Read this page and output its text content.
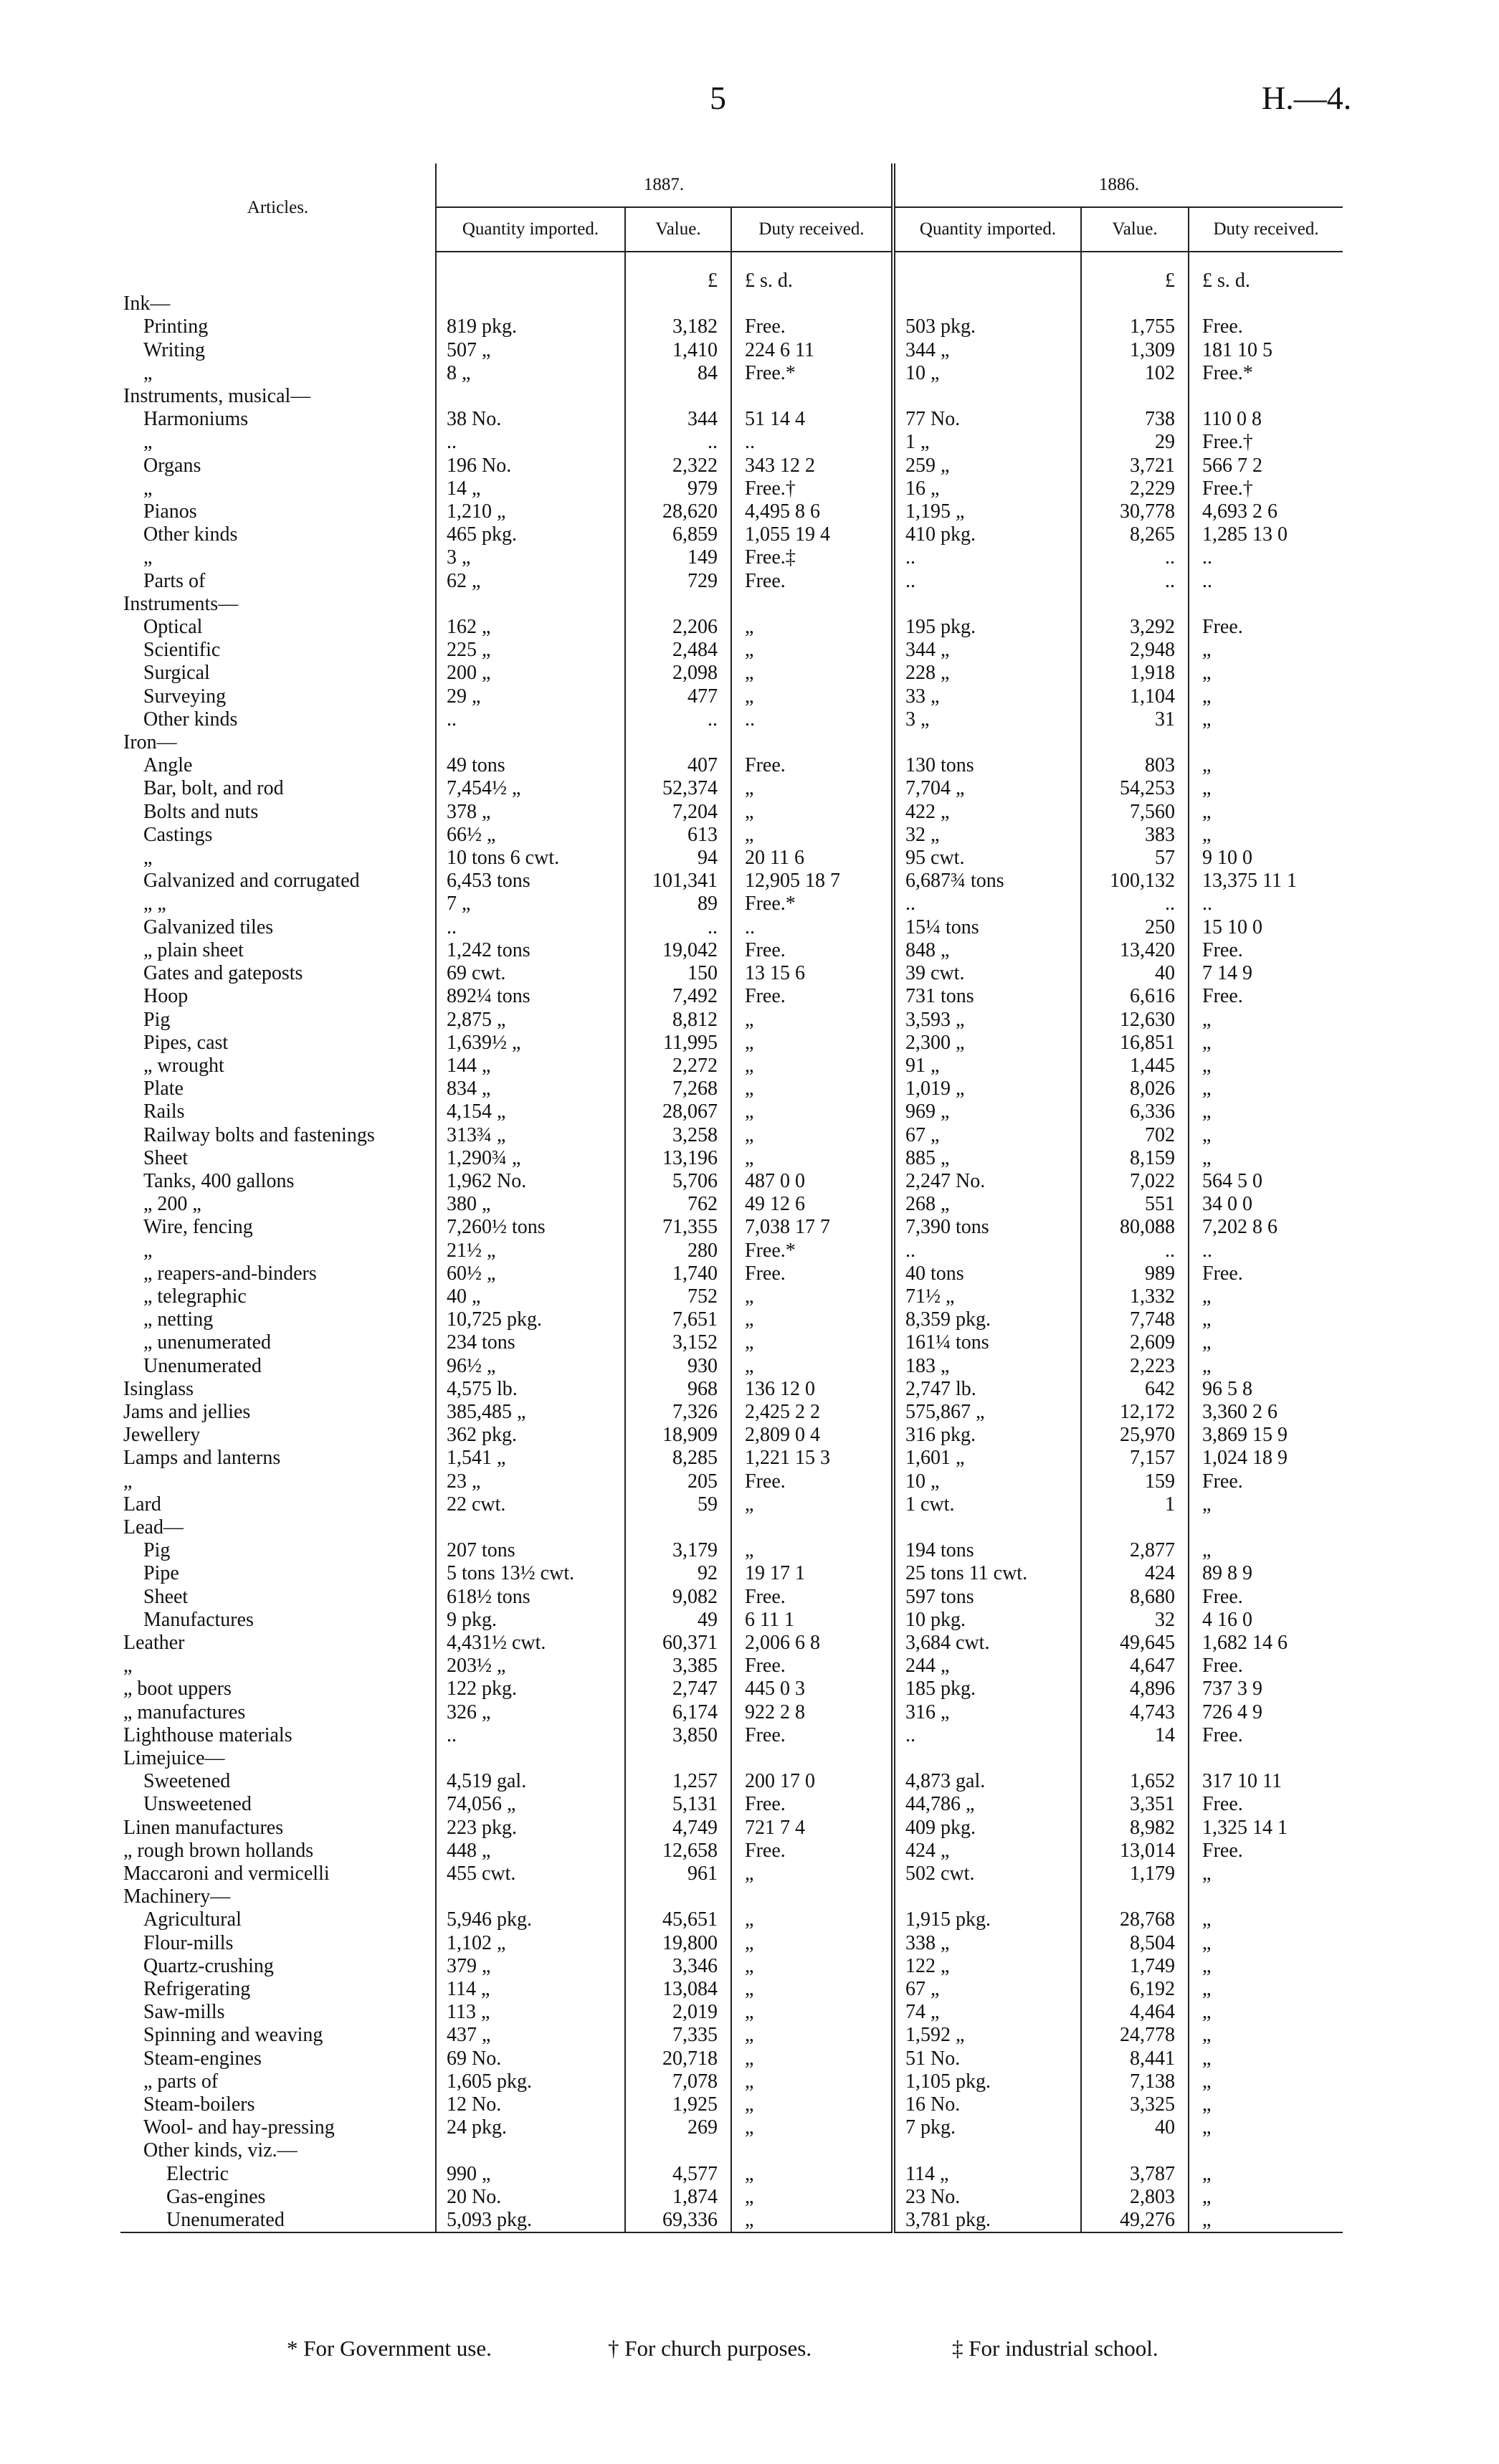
5	H.—4.
Articles.	1887.			1886.		
	Quantity imported.	Value.	Duty received.	Quantity imported.	Value.	Duty received.

		£	£ s. d.		£	£ s. d.
Ink—						
Printing	819 pkg.	3,182	Free.	503 pkg.	1,755	Free.
Writing	507 „	1,410	224 6 11	344 „	1,309	181 10 5
„	8 „	84	Free.*	10 „	102	Free.*
Instruments, musical—						
Harmoniums	38 No.	344	51 14 4	77 No.	738	110 0 8
„	..	..	..	1 „	29	Free.†
Organs	196 No.	2,322	343 12 2	259 „	3,721	566 7 2
„	14 „	979	Free.†	16 „	2,229	Free.†
Pianos	1,210 „	28,620	4,495 8 6	1,195 „	30,778	4,693 2 6
Other kinds	465 pkg.	6,859	1,055 19 4	410 pkg.	8,265	1,285 13 0
„	3 „	149	Free.‡	..	..	..
Parts of	62 „	729	Free.	..	..	..
Instruments—						
Optical	162 „	2,206	„	195 pkg.	3,292	Free.
Scientific	225 „	2,484	„	344 „	2,948	„
Surgical	200 „	2,098	„	228 „	1,918	„
Surveying	29 „	477	„	33 „	1,104	„
Other kinds	..	..	..	3 „	31	„
Iron—						
Angle	49 tons	407	Free.	130 tons	803	„
Bar, bolt, and rod	7,454½ „	52,374	„	7,704 „	54,253	„
Bolts and nuts	378 „	7,204	„	422 „	7,560	„
Castings	66½ „	613	„	32 „	383	„
„	10 tons 6 cwt.	94	20 11 6	95 cwt.	57	9 10 0
Galvanized and corrugated	6,453 tons	101,341	12,905 18 7	6,687¾ tons	100,132	13,375 11 1
„ „	7 „	89	Free.*	..	..	..
Galvanized tiles	..	..	..	15¼ tons	250	15 10 0
„ plain sheet	1,242 tons	19,042	Free.	848 „	13,420	Free.
Gates and gateposts	69 cwt.	150	13 15 6	39 cwt.	40	7 14 9
Hoop	892¼ tons	7,492	Free.	731 tons	6,616	Free.
Pig	2,875 „	8,812	„	3,593 „	12,630	„
Pipes, cast	1,639½ „	11,995	„	2,300 „	16,851	„
„ wrought	144 „	2,272	„	91 „	1,445	„
Plate	834 „	7,268	„	1,019 „	8,026	„
Rails	4,154 „	28,067	„	969 „	6,336	„
Railway bolts and fastenings	313¾ „	3,258	„	67 „	702	„
Sheet	1,290¾ „	13,196	„	885 „	8,159	„
Tanks, 400 gallons	1,962 No.	5,706	487 0 0	2,247 No.	7,022	564 5 0
„ 200 „	380 „	762	49 12 6	268 „	551	34 0 0
Wire, fencing	7,260½ tons	71,355	7,038 17 7	7,390 tons	80,088	7,202 8 6
„	21½ „	280	Free.*	..	..	..
„ reapers-and-binders	60½ „	1,740	Free.	40 tons	989	Free.
„ telegraphic	40 „	752	„	71½ „	1,332	„
„ netting	10,725 pkg.	7,651	„	8,359 pkg.	7,748	„
„ unenumerated	234 tons	3,152	„	161¼ tons	2,609	„
Unenumerated	96½ „	930	„	183 „	2,223	„
Isinglass	4,575 lb.	968	136 12 0	2,747 lb.	642	96 5 8
Jams and jellies	385,485 „	7,326	2,425 2 2	575,867 „	12,172	3,360 2 6
Jewellery	362 pkg.	18,909	2,809 0 4	316 pkg.	25,970	3,869 15 9
Lamps and lanterns	1,541 „	8,285	1,221 15 3	1,601 „	7,157	1,024 18 9
„	23 „	205	Free.	10 „	159	Free.
Lard	22 cwt.	59	„	1 cwt.	1	„
Lead—						
Pig	207 tons	3,179	„	194 tons	2,877	„
Pipe	5 tons 13½ cwt.	92	19 17 1	25 tons 11 cwt.	424	89 8 9
Sheet	618½ tons	9,082	Free.	597 tons	8,680	Free.
Manufactures	9 pkg.	49	6 11 1	10 pkg.	32	4 16 0
Leather	4,431½ cwt.	60,371	2,006 6 8	3,684 cwt.	49,645	1,682 14 6
„	203½ „	3,385	Free.	244 „	4,647	Free.
„ boot uppers	122 pkg.	2,747	445 0 3	185 pkg.	4,896	737 3 9
„ manufactures	326 „	6,174	922 2 8	316 „	4,743	726 4 9
Lighthouse materials	..	3,850	Free.	..	14	Free.
Limejuice—						
Sweetened	4,519 gal.	1,257	200 17 0	4,873 gal.	1,652	317 10 11
Unsweetened	74,056 „	5,131	Free.	44,786 „	3,351	Free.
Linen manufactures	223 pkg.	4,749	721 7 4	409 pkg.	8,982	1,325 14 1
„ rough brown hollands	448 „	12,658	Free.	424 „	13,014	Free.
Maccaroni and vermicelli	455 cwt.	961	„	502 cwt.	1,179	„
Machinery—						
Agricultural	5,946 pkg.	45,651	„	1,915 pkg.	28,768	„
Flour-mills	1,102 „	19,800	„	338 „	8,504	„
Quartz-crushing	379 „	3,346	„	122 „	1,749	„
Refrigerating	114 „	13,084	„	67 „	6,192	„
Saw-mills	113 „	2,019	„	74 „	4,464	„
Spinning and weaving	437 „	7,335	„	1,592 „	24,778	„
Steam-engines	69 No.	20,718	„	51 No.	8,441	„
„ parts of	1,605 pkg.	7,078	„	1,105 pkg.	7,138	„
Steam-boilers	12 No.	1,925	„	16 No.	3,325	„
Wool- and hay-pressing	24 pkg.	269	„	7 pkg.	40	„
Other kinds, viz.—						
Electric	990 „	4,577	„	114 „	3,787	„
Gas-engines	20 No.	1,874	„	23 No.	2,803	„
Unenumerated	5,093 pkg.	69,336	„	3,781 pkg.	49,276	„
* For Government use.	† For church purposes.	‡ For industrial school.
